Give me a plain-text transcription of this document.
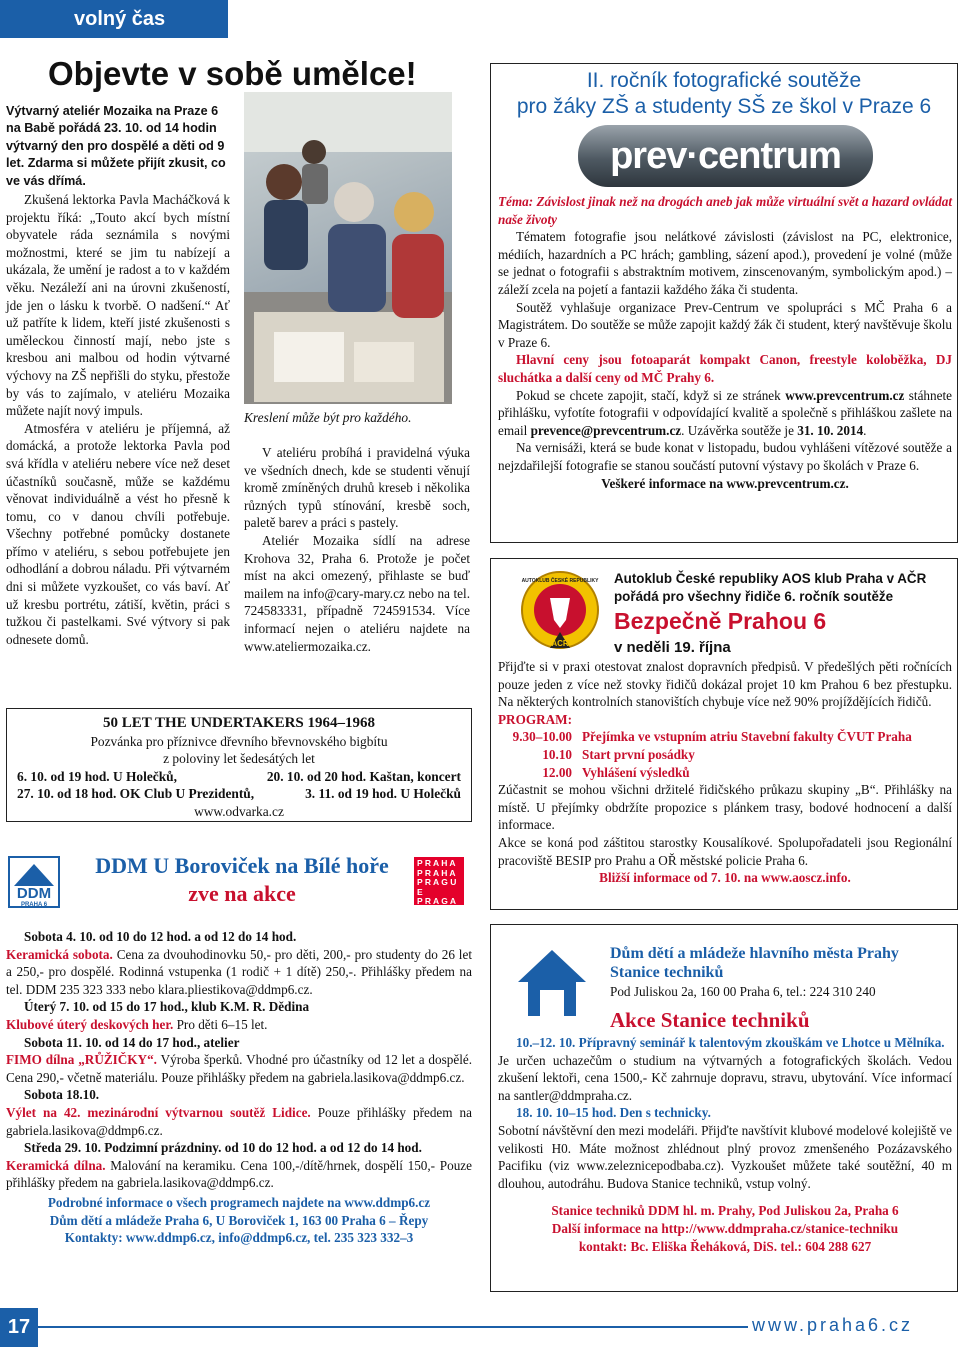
volný čas
Objevte v sobě umělce!

Výtvarný ateliér Mozaika na Praze 6 na Babě pořádá 23. 10. od 14 hodin výtvarný den pro dospělé a děti od 9 let. Zdarma si můžete přijít zkusit, co ve vás dřímá.

Zkušená lektorka Pavla Macháčková k projektu říká: „Touto akcí bych místní obyvatele ráda seznámila s novými možnostmi, které se jim tu nabízejí a ukázala, že umění je radost a to v každém věku. Nezáleží ani na úrovni zkušeností, jde jen o lásku k tvorbě. O nadšení.“ Ať už patříte k lidem, kteří jisté zkušenosti s uměleckou činností mají, nebo jste s kresbou ani malbou od hodin výtvarné výchovy na ZŠ nepřišli do styku, přestože by vás to zajímalo, v ateliéru Mozaika můžete najít nový impuls.

Atmosféra v ateliéru je příjemná, až domácká, a protože lektorka Pavla pod svá křídla v ateliéru nebere více než deset účastníků současně, může se každému věnovat individuálně a vést ho přesně k tomu, co v danou chvíli potřebuje. Všechny potřebné pomůcky dostanete přímo v ateliéru, s sebou potřebujete jen odhodlání a dobrou náladu. Při výtvarném dni si můžete vyzkoušet, co vás baví. Ať už kresbu portrétu, zátiší, květin, práci s tužkou či pastelkami. Své výtvory si pak odnesete domů.

Kreslení může být pro každého.

V ateliéru probíhá i pravidelná výuka ve všedních dnech, kde se studenti věnují kromě zmíněných druhů kreseb i několika různých typů stínování, kresbě soch, paletě barev a práci s pastely.

Ateliér Mozaika sídlí na adrese Krohova 32, Praha 6. Protože je počet míst na akci omezený, přihlaste se buď mailem na info@cary-mary.cz nebo na tel. 724583331, případně 724591534. Více informací nejen o ateliéru najdete na www.ateliermozaika.cz.

50 LET THE UNDERTAKERS 1964–1968
Pozvánka pro příznivce dřevního břevnovského bigbítu
z poloviny let šedesátých let
6. 10. od 19 hod. U Holečků,	20. 10. od 20 hod. Kaštan, koncert
27. 10. od 18 hod. OK Club U Prezidentů,	3. 11. od 19 hod. U Holečků
www.odvarka.cz
DDM
PRAHA 6
DDM U Boroviček na Bílé hoře
zve na akce
P R A H A
P R A H A
P R A G U E
P R A G A
P R A G

Sobota 4. 10. od 10 do 12 hod. a od 12 do 14 hod.

Keramická sobota. Cena za dvouhodinovku 50,- pro děti, 200,- pro studenty do 26 let a 250,- pro dospělé. Rodinná vstupenka (1 rodič + 1 dítě) 250,-. Přihlášky předem na tel. DDM 235 323 333 nebo klara.pliestikova@ddmp6.cz.

Úterý 7. 10. od 15 do 17 hod., klub K.M. R. Dědina

Klubové úterý deskových her. Pro děti 6–15 let.

Sobota 11. 10. od 14 do 17 hod., atelier

FIMO dílna „RŮŽIČKY“. Výroba šperků. Vhodné pro účastníky od 12 let a dospělé. Cena 290,- včetně materiálu. Pouze přihlášky předem na gabriela.lasikova@ddmp6.cz.

Sobota 18.10.

Výlet na 42. mezinárodní výtvarnou soutěž Lidice. Pouze přihlášky předem na gabriela.lasikova@ddmp6.cz.

Středa 29. 10. Podzimní prázdniny. od 10 do 12 hod. a od 12 do 14 hod.

Keramická dílna. Malování na keramiku. Cena 100,-/dítě/hrnek, dospělí 150,- Pouze přihlášky předem na gabriela.lasikova@ddmp6.cz.

Podrobné informace o všech programech najdete na www.ddmp6.cz
Dům dětí a mládeže Praha 6, U Boroviček 1, 163 00 Praha 6 – Řepy
Kontakty: www.ddmp6.cz, info@ddmp6.cz, tel. 235 323 332–3
II. ročník fotografické soutěže
pro žáky ZŠ a studenty SŠ ze škol v Praze 6
prev·centrum

Téma: Závislost jinak než na drogách aneb jak může virtuální svět a hazard ovládat naše životy

Tématem fotografie jsou nelátkové závislosti (závislost na PC, elektronice, médiích, hazardních a PC hrách; gambling, sázení apod.), provedení je volné (může se jednat o fotografii s abstraktním motivem, zinscenovaným, symbolickým apod.) – záleží zcela na pojetí a fantazii každého žáka či studenta.

Soutěž vyhlašuje organizace Prev-Centrum ve spolupráci s MČ Praha 6 a Magistrátem. Do soutěže se může zapojit každý žák či student, který navštěvuje školu v Praze 6.

Hlavní ceny jsou fotoaparát kompakt Canon, freestyle koloběžka, DJ sluchátka a další ceny od MČ Prahy 6.

Pokud se chcete zapojit, stačí, když si ze stránek www.prevcentrum.cz stáhnete přihlášku, vyfotíte fotografii v odpovídající kvalitě a společně s přihláškou zašlete na email prevence@prevcentrum.cz. Uzávěrka soutěže je 31. 10. 2014.

Na vernisáži, která se bude konat v listopadu, budou vyhlášeni vítězové soutěže a nejzdařilejší fotografie se stanou součástí putovní výstavy po školách v Praze 6.

Veškeré informace na www.prevcentrum.cz.

ACR
AUTOKLUB ČESKÉ REPUBLIKY Autoklub České republiky AOS klub Praha v AČR pořádá pro všechny řidiče 6. ročník soutěže
Bezpečně Prahou 6
v neděli 19. října

Přijďte si v praxi otestovat znalost dopravních předpisů. V předešlých pěti ročnících pouze jeden z více než stovky řidičů dokázal projet 10 km Prahou 6 bez přestupku. Na některých kontrolních stanovištích chybuje více než 90% projíždějících řidičů.

PROGRAM:

9.30–10.00 Přejímka ve vstupním atriu Stavební fakulty ČVUT Praha
10.10 Start první posádky
12.00 Vyhlášení výsledků

Zúčastnit se mohou všichni držitelé řidičského průkazu skupiny „B“. Přihlášky na místě. U přejímky obdržíte propozice s plánkem trasy, bodové hodnocení a další informace.

Akce se koná pod záštitou starostky Kousalíkové. Spolupořadateli jsou Regionální pracoviště BESIP pro Prahu a OŘ městské policie Praha 6.

Bližší informace od 7. 10. na www.aoscz.info.

Dům dětí a mládeže hlavního města Prahy
Stanice techniků
Pod Juliskou 2a, 160 00 Praha 6, tel.: 224 310 240
Akce Stanice techniků

10.–12. 10. Přípravný seminář k talentovým zkouškám ve Lhotce u Mělníka.

Je určen uchazečům o studium na výtvarných a fotografických školách. Vedou zkušení lektoři, cena 1500,- Kč zahrnuje dopravu, stravu, ubytování. Více informací na santler@ddmpraha.cz.

18. 10. 10–15 hod. Den s technicky.

Sobotní návštěvní den mezi modeláři. Přijďte navštívit klubové modelové kolejiště ve velikosti H0. Máte možnost zhlédnout plný provoz zmenšeného Pozázavského Pacifiku (viz www.zeleznicepodbaba.cz). Vyzkoušet můžete také soutěžní, 40 m dlouhou, autodráhu. Budova Stanice techniků, vstup volný.

Stanice techniků DDM hl. m. Prahy, Pod Juliskou 2a, Praha 6
Další informace na http://www.ddmpraha.cz/stanice-techniku
kontakt: Bc. Eliška Řeháková, DiS. tel.: 604 288 627
17	www.praha6.cz
